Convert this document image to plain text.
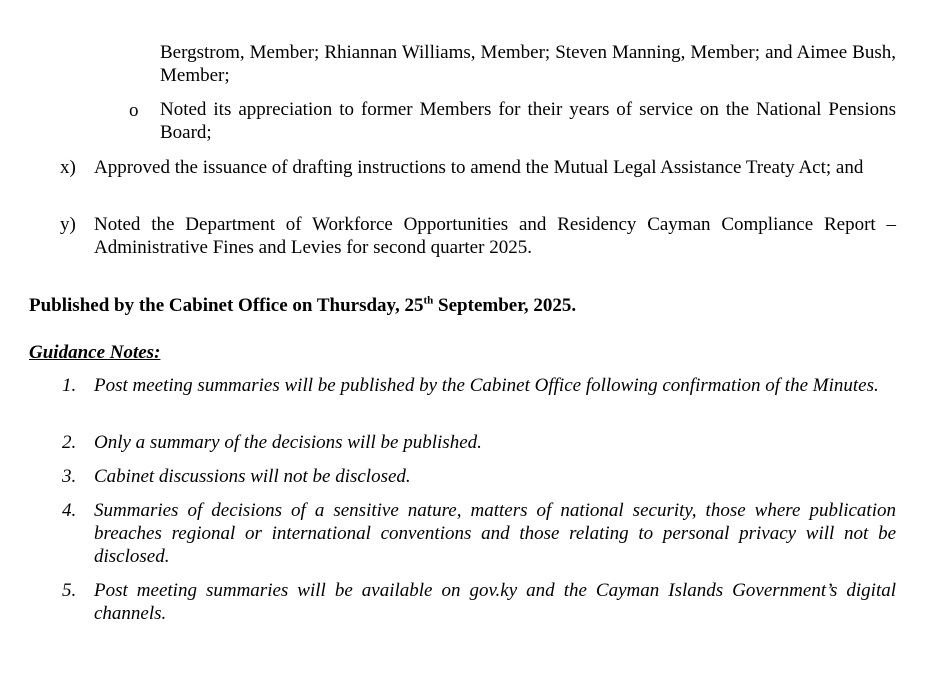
Bergstrom, Member; Rhiannan Williams, Member; Steven Manning, Member; and Aimee Bush, Member;
o Noted its appreciation to former Members for their years of service on the National Pensions Board;
x) Approved the issuance of drafting instructions to amend the Mutual Legal Assistance Treaty Act; and
y) Noted the Department of Workforce Opportunities and Residency Cayman Compliance Report – Administrative Fines and Levies for second quarter 2025.
Published by the Cabinet Office on Thursday, 25th September, 2025.
Guidance Notes:
1. Post meeting summaries will be published by the Cabinet Office following confirmation of the Minutes.
2. Only a summary of the decisions will be published.
3. Cabinet discussions will not be disclosed.
4. Summaries of decisions of a sensitive nature, matters of national security, those where publication breaches regional or international conventions and those relating to personal privacy will not be disclosed.
5. Post meeting summaries will be available on gov.ky and the Cayman Islands Government’s digital channels.
